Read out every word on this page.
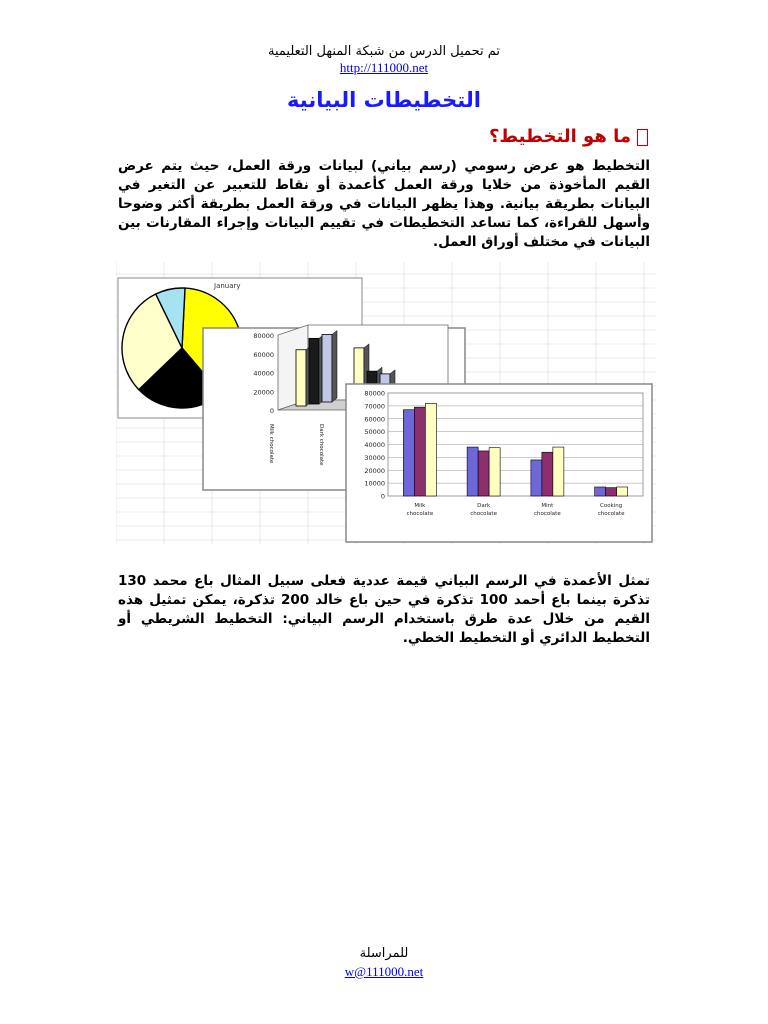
تم تحميل الدرس من شبكة المنهل التعليمية
http://111000.net
التخطيطات البيانية
ما هو التخطيط؟
التخطيط هو عرض رسومي (رسم بياني) لبيانات ورقة العمل، حيث يتم عرض القيم المأخوذة من خلايا ورقة العمل كأعمدة أو نقاط للتعبير عن التغير في البيانات بطريقة بيانية. وهذا يظهر البيانات في ورقة العمل بطريقة أكثر وضوحا وأسهل للقراءة، كما تساعد التخطيطات في تقييم البيانات وإجراء المقارنات بين البيانات في مختلف أوراق العمل.
January
0
20000
40000
60000
80000
Milk chocolate	Dark chocolate
0
10000
20000
30000
40000
50000
60000
70000
80000
Milk
chocolate
Dark
chocolate
Mint
chocolate
Cooking
chocolate
تمثل الأعمدة في الرسم البياني قيمة عددية فعلى سبيل المثال باع محمد 130 تذكرة بينما باع أحمد 100 تذكرة في حين باع خالد 200 تذكرة، يمكن تمثيل هذه القيم من خلال عدة طرق باستخدام الرسم البياني: التخطيط الشريطي أو التخطيط الدائري أو التخطيط الخطي.
للمراسلة
w@111000.net
